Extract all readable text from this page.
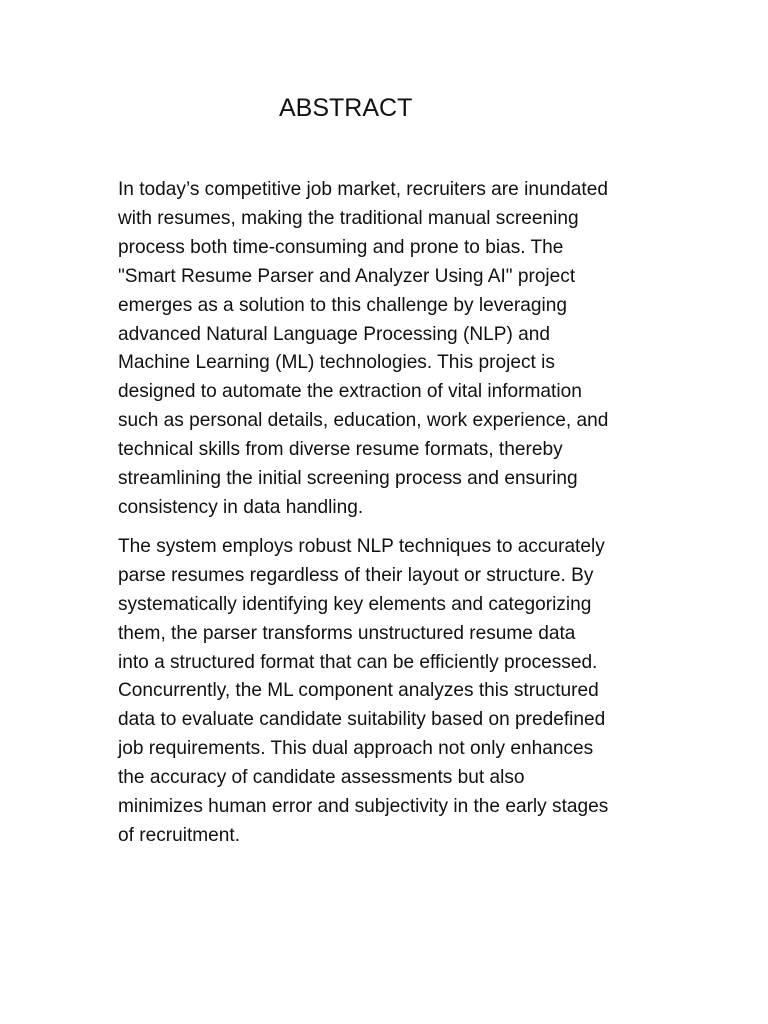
ABSTRACT

In today’s competitive job market, recruiters are inundated
with resumes, making the traditional manual screening
process both time-consuming and prone to bias. The
"Smart Resume Parser and Analyzer Using AI" project
emerges as a solution to this challenge by leveraging
advanced Natural Language Processing (NLP) and
Machine Learning (ML) technologies. This project is
designed to automate the extraction of vital information
such as personal details, education, work experience, and
technical skills from diverse resume formats, thereby
streamlining the initial screening process and ensuring
consistency in data handling.

The system employs robust NLP techniques to accurately
parse resumes regardless of their layout or structure. By
systematically identifying key elements and categorizing
them, the parser transforms unstructured resume data
into a structured format that can be efficiently processed.
Concurrently, the ML component analyzes this structured
data to evaluate candidate suitability based on predefined
job requirements. This dual approach not only enhances
the accuracy of candidate assessments but also
minimizes human error and subjectivity in the early stages
of recruitment.
